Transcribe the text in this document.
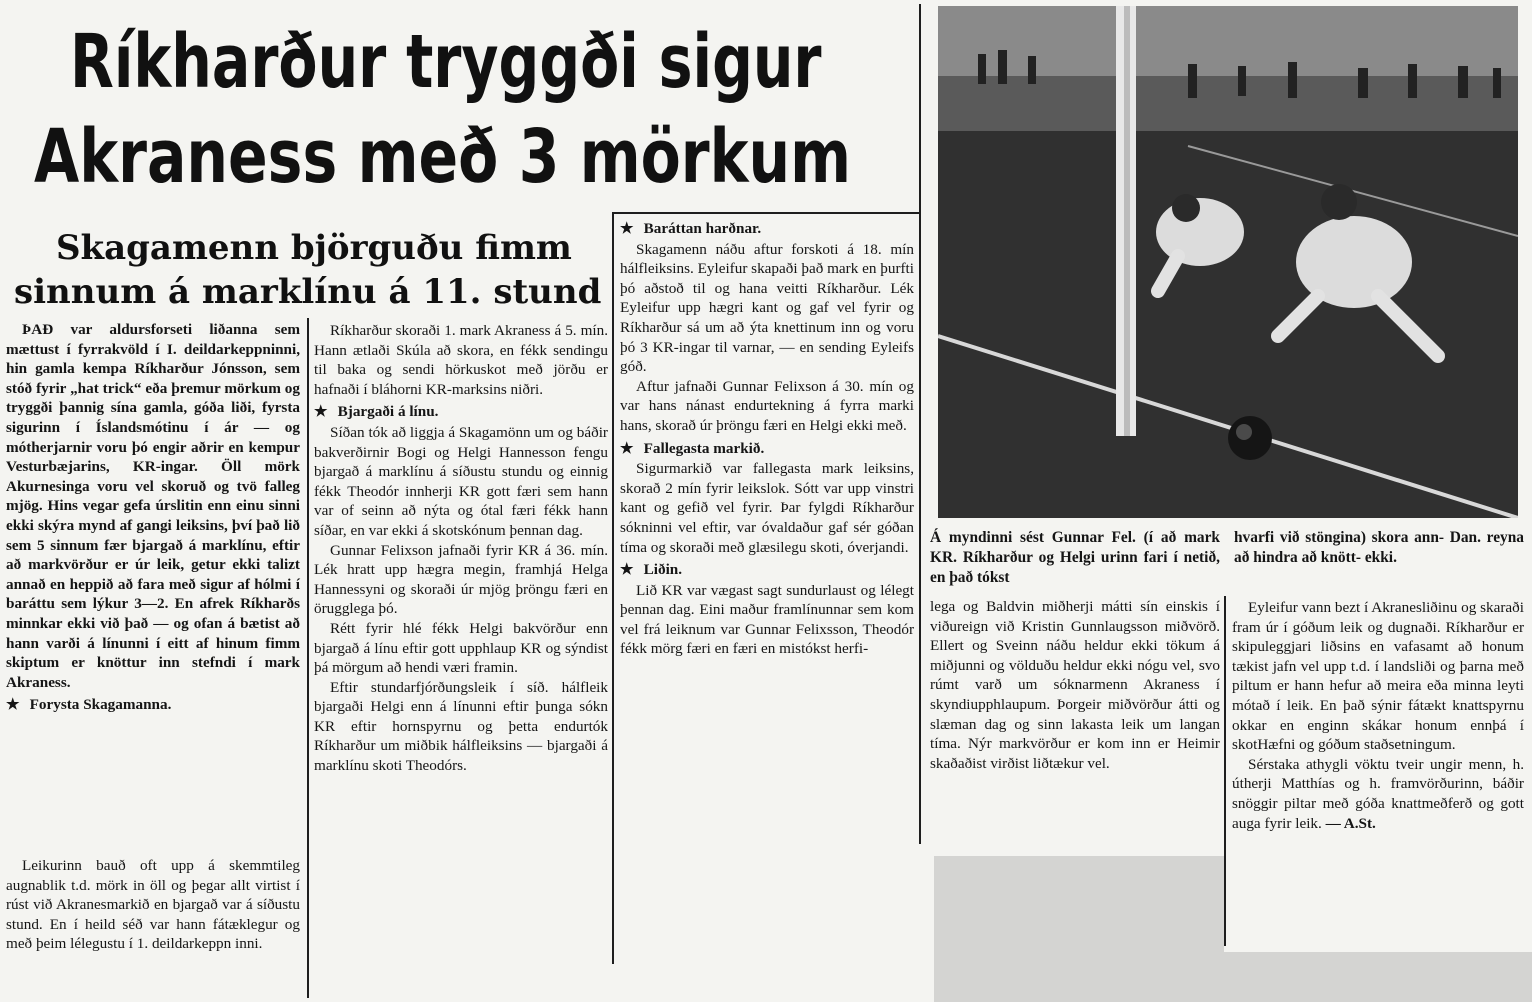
Ríkharður tryggði sigur
Akraness með 3 mörkum
Skagamenn björguðu fimm
sinnum á marklínu á 11. stund

ÞAÐ var aldursforseti liðanna sem mættust í fyrrakvöld í I. deildarkeppninni, hin gamla kempa Ríkharður Jónsson, sem stóð fyrir „hat trick“ eða þremur mörkum og tryggði þannig sína gamla, góða liði, fyrsta sigurinn í Íslandsmótinu í ár — og mótherjarnir voru þó engir aðrir en kempur Vesturbæjarins, KR-ingar. Öll mörk Akurnesinga voru vel skoruð og tvö falleg mjög. Hins vegar gefa úrslitin enn einu sinni ekki skýra mynd af gangi leiksins, því það lið sem 5 sinnum fær bjargað á marklínu, eftir að markvörður er úr leik, getur ekki talizt annað en heppið að fara með sigur af hólmi í baráttu sem lýkur 3—2. En afrek Ríkharðs minnkar ekki við það — og ofan á bætist að hann varði á línunni í eitt af hinum fimm skiptum er knöttur inn stefndi í mark Akraness.

★ Forysta Skagamanna.

Leikurinn bauð oft upp á skemmtileg augnablik t.d. mörk in öll og þegar allt virtist í rúst við Akranesmarkið en bjargað var á síðustu stund. En í heild séð var hann fátæklegur og með þeim lélegustu í 1. deildarkeppn inni.

Ríkharður skoraði 1. mark Akraness á 5. mín. Hann ætlaði Skúla að skora, en fékk sendingu til baka og sendi hörkuskot með jörðu er hafnaði í bláhorni KR-marksins niðri.

★ Bjargaði á línu.

Síðan tók að liggja á Skagamönn um og báðir bakverðirnir Bogi og Helgi Hannesson fengu bjargað á marklínu á síðustu stundu og einnig fékk Theodór innherji KR gott færi sem hann var of seinn að nýta og ótal færi fékk hann síðar, en var ekki á skotskónum þennan dag.

Gunnar Felixson jafnaði fyrir KR á 36. mín. Lék hratt upp hægra megin, framhjá Helga Hannessyni og skoraði úr mjög þröngu færi en örugglega þó.

Rétt fyrir hlé fékk Helgi bakvörður enn bjargað á línu eftir gott upphlaup KR og sýndist þá mörgum að hendi væri framin.

Eftir stundarfjórðungsleik í síð. hálfleik bjargaði Helgi enn á línunni eftir þunga sókn KR eftir hornspyrnu og þetta endurtók Ríkharður um miðbik hálfleiksins — bjargaði á marklínu skoti Theodórs.

★ Baráttan harðnar.

Skagamenn náðu aftur forskoti á 18. mín hálfleiksins. Eyleifur skapaði það mark en þurfti þó aðstoð til og hana veitti Ríkharður. Lék Eyleifur upp hægri kant og gaf vel fyrir og Ríkharður sá um að ýta knettinum inn og voru þó 3 KR-ingar til varnar, — en sending Eyleifs góð.

Aftur jafnaði Gunnar Felixson á 30. mín og var hans nánast endurtekning á fyrra marki hans, skorað úr þröngu færi en Helgi ekki með.

★ Fallegasta markið.

Sigurmarkið var fallegasta mark leiksins, skorað 2 mín fyrir leikslok. Sótt var upp vinstri kant og gefið vel fyrir. Þar fylgdi Ríkharður sókninni vel eftir, var óvaldaður gaf sér góðan tíma og skoraði með glæsilegu skoti, óverjandi.

★ Liðin.

Lið KR var vægast sagt sundurlaust og lélegt þennan dag. Eini maður framlínunnar sem kom vel frá leiknum var Gunnar Felixsson, Theodór fékk mörg færi en færi en mistókst herfi-

Á myndinni sést Gunnar Fel. (í að mark KR. Ríkharður og Helgi urinn fari í netið, en það tókst
hvarfi við stöngina) skora ann- Dan. reyna að hindra að knött- ekki.

lega og Baldvin miðherji mátti sín einskis í viðureign við Kristin Gunnlaugsson miðvörð. Ellert og Sveinn náðu heldur ekki tökum á miðjunni og völduðu heldur ekki nógu vel, svo rúmt varð um sóknarmenn Akraness í skyndiupphlaupum. Þorgeir miðvörður átti og slæman dag og sinn lakasta leik um langan tíma. Nýr markvörður er kom inn er Heimir skaðaðist virðist liðtækur vel.

Eyleifur vann bezt í Akranesliðinu og skaraði fram úr í góðum leik og dugnaði. Ríkharður er skipuleggjari liðsins en vafasamt að honum tækist jafn vel upp t.d. í landsliði og þarna með piltum er hann hefur að meira eða minna leyti mótað í leik. En það sýnir fátækt knattspyrnu okkar en enginn skákar honum ennþá í skotHæfni og góðum staðsetningum.

Sérstaka athygli vöktu tveir ungir menn, h. útherji Matthías og h. framvörðurinn, báðir snöggir piltar með góða knattmeðferð og gott auga fyrir leik. — A.St.
